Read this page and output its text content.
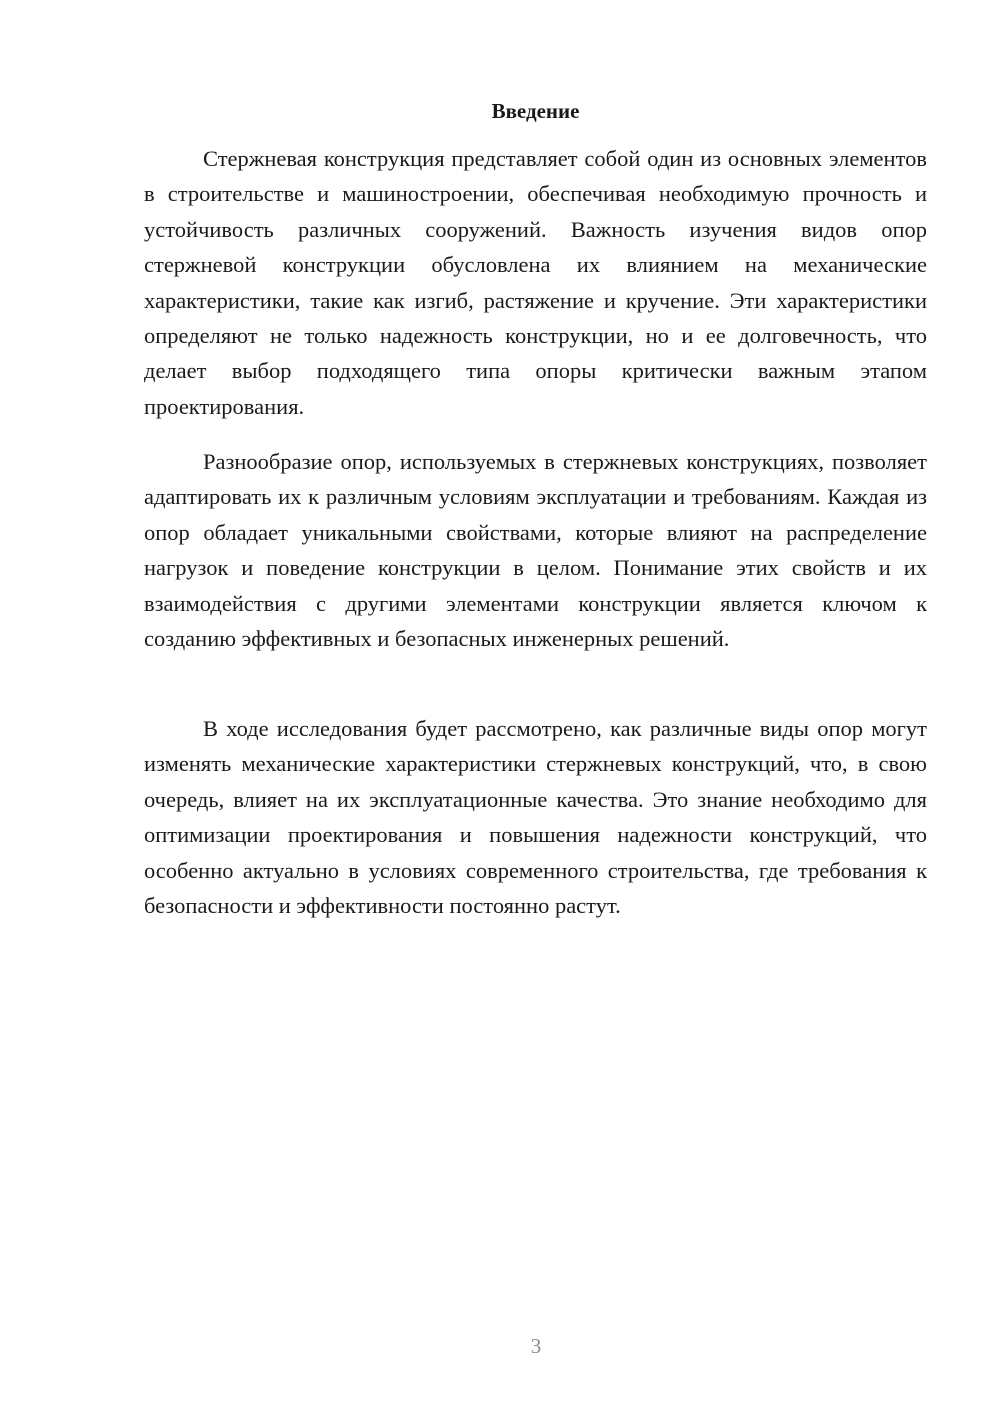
Введение

Стержневая конструкция представляет собой один из основных элементов в строительстве и машиностроении, обеспечивая необходимую прочность и устойчивость различных сооружений. Важность изучения видов опор стержневой конструкции обусловлена их влиянием на механические характеристики, такие как изгиб, растяжение и кручение. Эти характеристики определяют не только надежность конструкции, но и ее долговечность, что делает выбор подходящего типа опоры критически важным этапом проектирования.

Разнообразие опор, используемых в стержневых конструкциях, позволяет адаптировать их к различным условиям эксплуатации и требованиям. Каждая из опор обладает уникальными свойствами, которые влияют на распределение нагрузок и поведение конструкции в целом. Понимание этих свойств и их взаимодействия с другими элементами конструкции является ключом к созданию эффективных и безопасных инженерных решений.

В ходе исследования будет рассмотрено, как различные виды опор могут изменять механические характеристики стержневых конструкций, что, в свою очередь, влияет на их эксплуатационные качества. Это знание необходимо для оптимизации проектирования и повышения надежности конструкций, что особенно актуально в условиях современного строительства, где требования к безопасности и эффективности постоянно растут.

3
